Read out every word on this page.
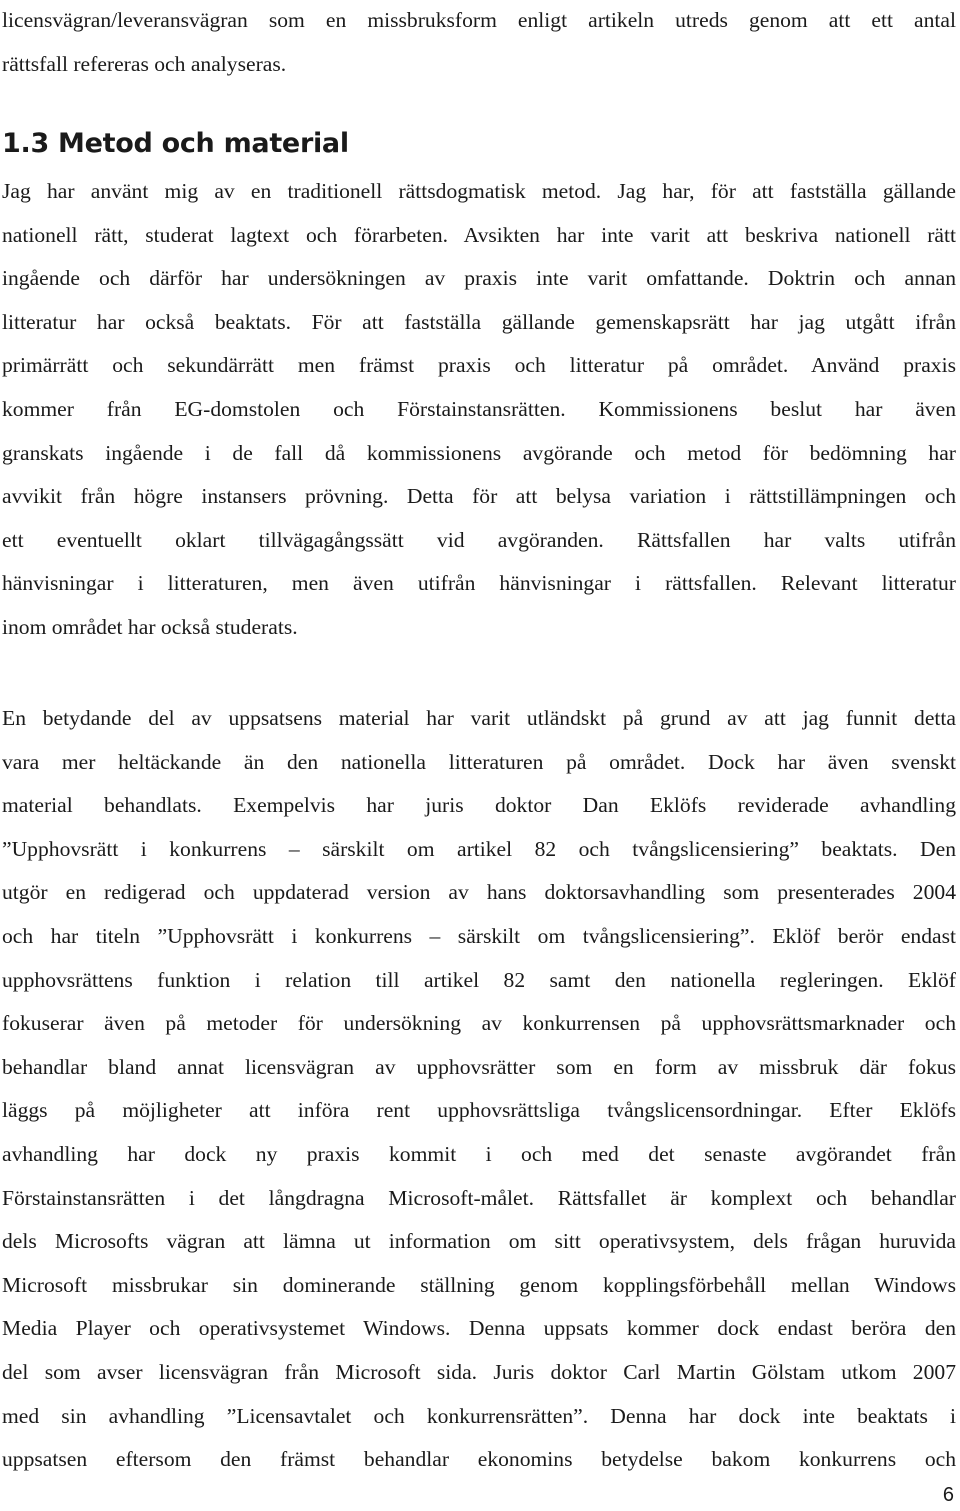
licensvägran/leveransvägran som en missbruksform enligt artikeln utreds genom att ett antal
rättsfall refereras och analyseras.
1.3 Metod och material
Jag har använt mig av en traditionell rättsdogmatisk metod. Jag har, för att fastställa gällande
nationell rätt, studerat lagtext och förarbeten. Avsikten har inte varit att beskriva nationell rätt
ingående och därför har undersökningen av praxis inte varit omfattande. Doktrin och annan
litteratur har också beaktats. För att fastställa gällande gemenskapsrätt har jag utgått ifrån
primärrätt och sekundärrätt men främst praxis och litteratur på området. Använd praxis
kommer från EG-domstolen och Förstainstansrätten. Kommissionens beslut har även
granskats ingående i de fall då kommissionens avgörande och metod för bedömning har
avvikit från högre instansers prövning. Detta för att belysa variation i rättstillämpningen och
ett eventuellt oklart tillvägagångssätt vid avgöranden. Rättsfallen har valts utifrån
hänvisningar i litteraturen, men även utifrån hänvisningar i rättsfallen. Relevant litteratur
inom området har också studerats.
En betydande del av uppsatsens material har varit utländskt på grund av att jag funnit detta
vara mer heltäckande än den nationella litteraturen på området. Dock har även svenskt
material behandlats. Exempelvis har juris doktor Dan Eklöfs reviderade avhandling
”Upphovsrätt i konkurrens – särskilt om artikel 82 och tvångslicensiering” beaktats. Den
utgör en redigerad och uppdaterad version av hans doktorsavhandling som presenterades 2004
och har titeln ”Upphovsrätt i konkurrens – särskilt om tvångslicensiering”. Eklöf berör endast
upphovsrättens funktion i relation till artikel 82 samt den nationella regleringen. Eklöf
fokuserar även på metoder för undersökning av konkurrensen på upphovsrättsmarknader och
behandlar bland annat licensvägran av upphovsrätter som en form av missbruk där fokus
läggs på möjligheter att införa rent upphovsrättsliga tvångslicensordningar. Efter Eklöfs
avhandling har dock ny praxis kommit i och med det senaste avgörandet från
Förstainstansrätten i det långdragna Microsoft-målet. Rättsfallet är komplext och behandlar
dels Microsofts vägran att lämna ut information om sitt operativsystem, dels frågan huruvida
Microsoft missbrukar sin dominerande ställning genom kopplingsförbehåll mellan Windows
Media Player och operativsystemet Windows. Denna uppsats kommer dock endast beröra den
del som avser licensvägran från Microsoft sida. Juris doktor Carl Martin Gölstam utkom 2007
med sin avhandling ”Licensavtalet och konkurrensrätten”. Denna har dock inte beaktats i
uppsatsen eftersom den främst behandlar ekonomins betydelse bakom konkurrens och
6
